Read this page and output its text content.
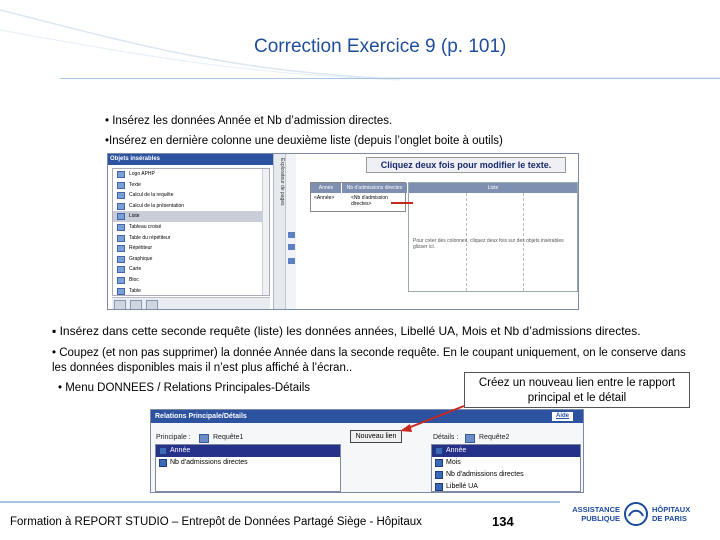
Correction Exercice 9 (p. 101)
• Insérez les données Année et Nb d’admission directes.
•Insérez en dernière colonne une deuxième liste (depuis l’onglet boite à outils)
Objets insérables
Logo APHP
Texte
Calcul de la requête
Calcul de la présentation
Liste
Tableau croisé
Table du répétiteur
Répétiteur
Graphique
Carte
Bloc
Table
Explorateur de pages	Cliquez deux fois pour modifier le texte.
Année	Nb d'admissions directes
<Année>	<Nb d'admission directes>
Liste
Pour créer des colonnes, cliquez deux fois sur des objets insérables glisser ici.
▪ Insérez dans cette seconde requête (liste) les données années, Libellé UA, Mois et Nb d’admissions directes.
• Coupez (et non pas supprimer) la donnée Année dans la seconde requête. En le coupant uniquement, on le conserve dans les données disponibles mais il n’est plus affiché à l’écran..
• Menu DONNEES / Relations Principales-Détails	Créez un nouveau lien entre le rapport principal et le détail
Relations Principale/Détails	Aide
Principale :	Requête1	Nouveau lien	Détails :	Requête2
Année
Nb d'admissions directes
Année
Mois
Nb d'admissions directes
Libellé UA
Formation à REPORT STUDIO – Entrepôt de Données Partagé Siège - Hôpitaux	134
ASSISTANCE
PUBLIQUE
HÔPITAUX
DE PARIS
